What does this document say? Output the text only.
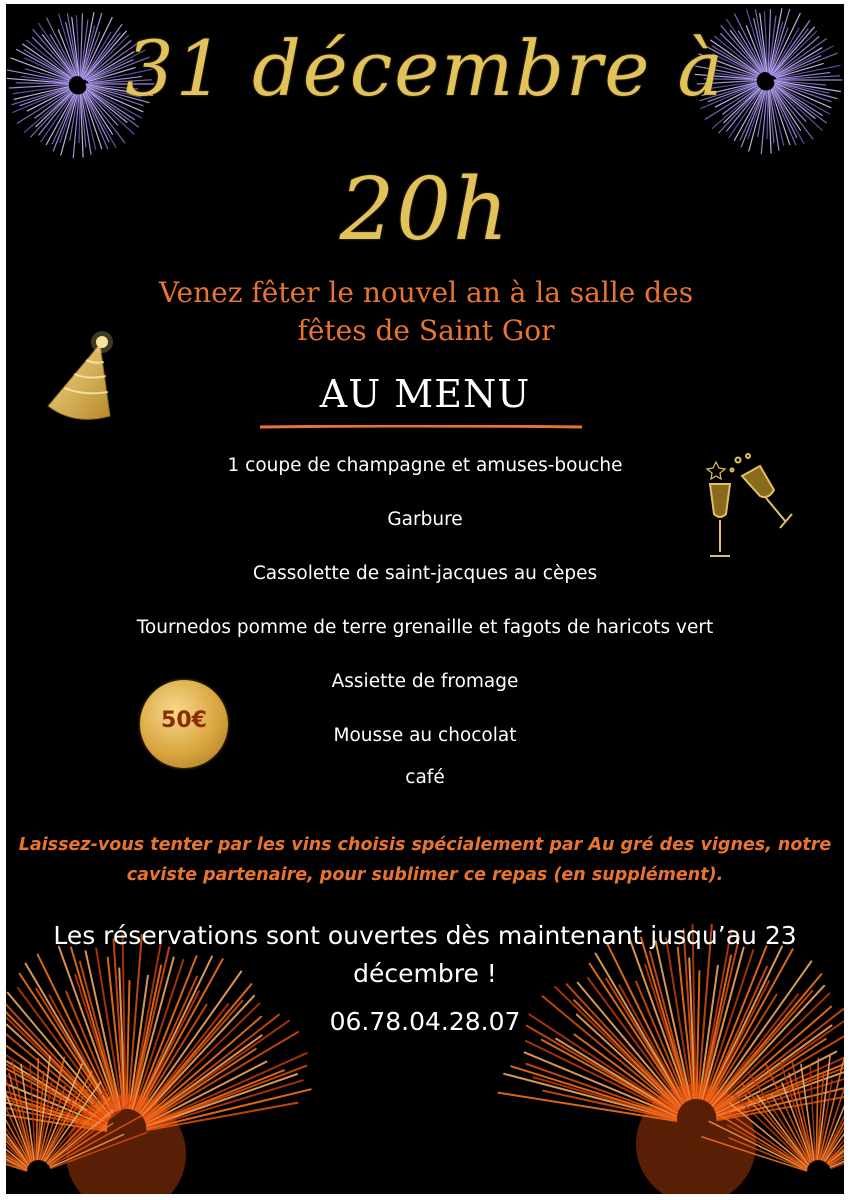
31 décembre à
20h
Venez fêter le nouvel an à la salle des
fêtes de Saint Gor
AU MENU
1 coupe de champagne et amuses-bouche
Garbure
Cassolette de saint-jacques au cèpes
Tournedos pomme de terre grenaille et fagots de haricots vert
Assiette de fromage
Mousse au chocolat
café
50€
Laissez-vous tenter par les vins choisis spécialement par Au gré des vignes, notre
caviste partenaire, pour sublimer ce repas (en supplément).
Les réservations sont ouvertes dès maintenant jusqu’au 23
décembre !
06.78.04.28.07
